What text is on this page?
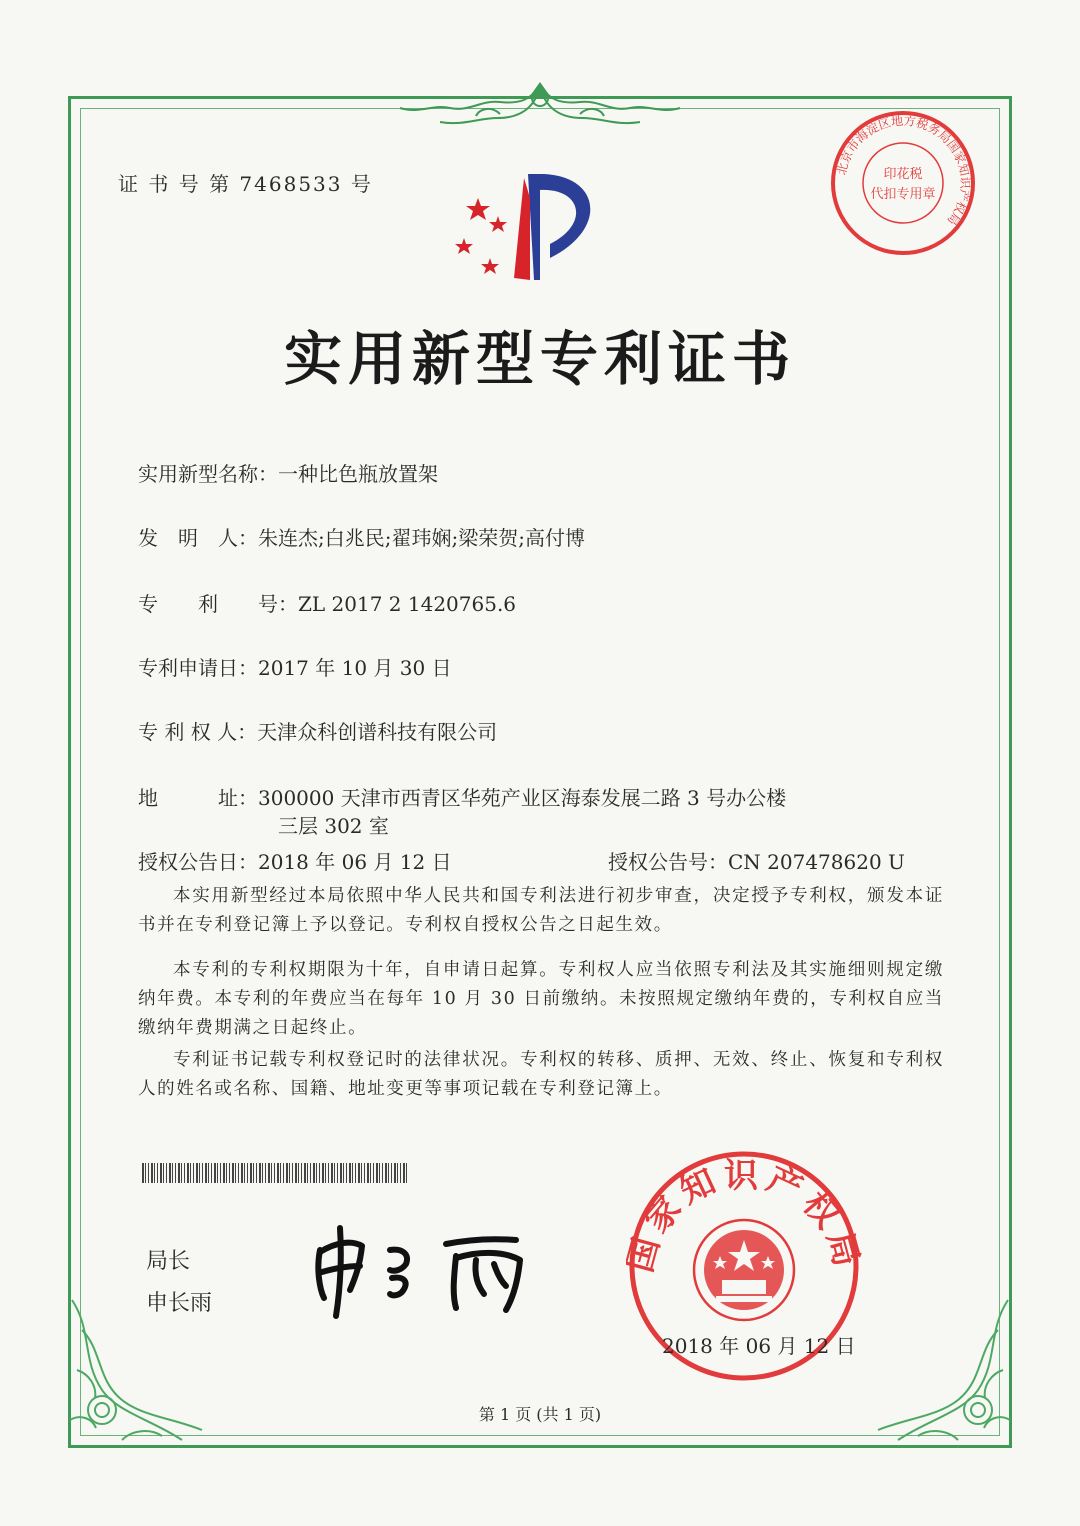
证 书 号 第 7468533 号
北京市海淀区地方税务局国家知识产权局
印花税
代扣专用章
实用新型专利证书
实用新型名称：一种比色瓶放置架
发　明　人：朱连杰;白兆民;翟玮娴;梁荣贺;高付博
专　　利　　号：ZL 2017 2 1420765.6
专利申请日：2017 年 10 月 30 日
专 利 权 人：天津众科创谱科技有限公司
地　　　址：300000 天津市西青区华苑产业区海泰发展二路 3 号办公楼
三层 302 室
授权公告日：2018 年 06 月 12 日	授权公告号：CN 207478620 U

本实用新型经过本局依照中华人民共和国专利法进行初步审查，决定授予专利权，颁发本证书并在专利登记簿上予以登记。专利权自授权公告之日起生效。

本专利的专利权期限为十年，自申请日起算。专利权人应当依照专利法及其实施细则规定缴纳年费。本专利的年费应当在每年 10 月 30 日前缴纳。未按照规定缴纳年费的，专利权自应当缴纳年费期满之日起终止。

专利证书记载专利权登记时的法律状况。专利权的转移、质押、无效、终止、恢复和专利权人的姓名或名称、国籍、地址变更等事项记载在专利登记簿上。

局长
申长雨
家知识产权
2018 年 06 月 12 日
第 1 页 (共 1 页)
